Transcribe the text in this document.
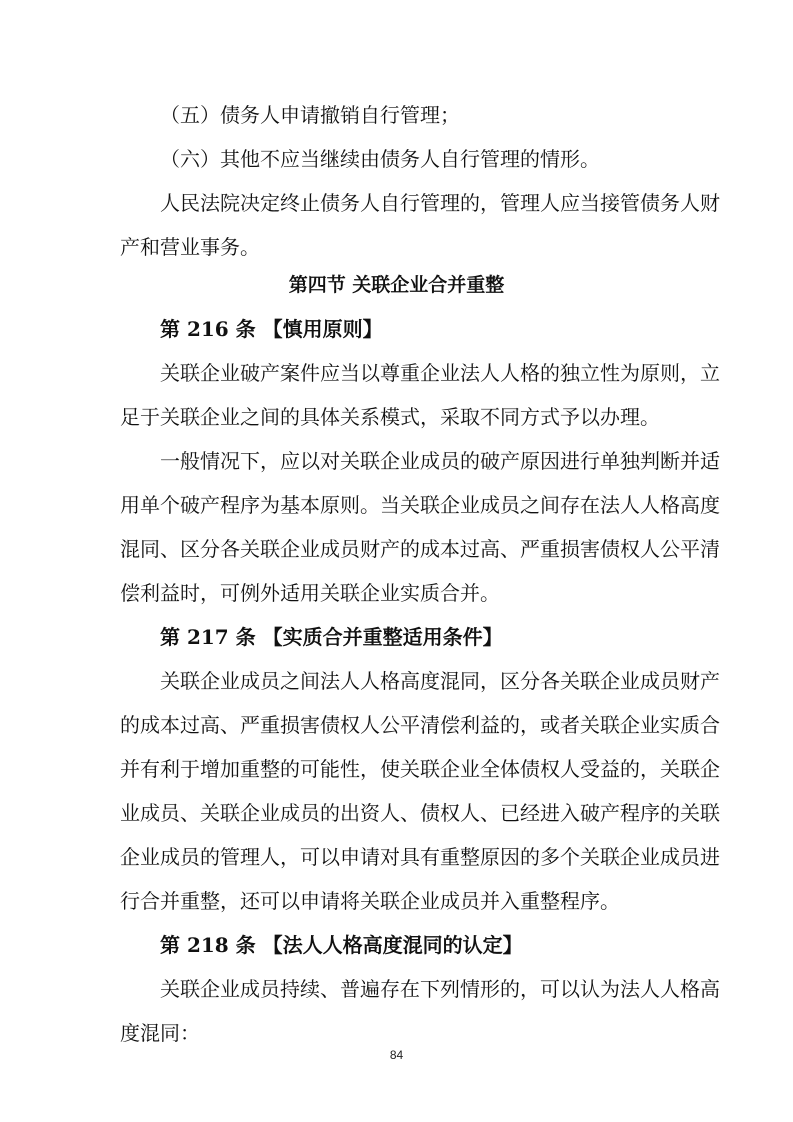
（五）债务人申请撤销自行管理；
（六）其他不应当继续由债务人自行管理的情形。
人民法院决定终止债务人自行管理的，管理人应当接管债务人财
产和营业事务。
第四节 关联企业合并重整
第 216 条 【慎用原则】
关联企业破产案件应当以尊重企业法人人格的独立性为原则，立
足于关联企业之间的具体关系模式，采取不同方式予以办理。
一般情况下，应以对关联企业成员的破产原因进行单独判断并适
用单个破产程序为基本原则。当关联企业成员之间存在法人人格高度
混同、区分各关联企业成员财产的成本过高、严重损害债权人公平清
偿利益时，可例外适用关联企业实质合并。
第 217 条 【实质合并重整适用条件】
关联企业成员之间法人人格高度混同，区分各关联企业成员财产
的成本过高、严重损害债权人公平清偿利益的，或者关联企业实质合
并有利于增加重整的可能性，使关联企业全体债权人受益的，关联企
业成员、关联企业成员的出资人、债权人、已经进入破产程序的关联
企业成员的管理人，可以申请对具有重整原因的多个关联企业成员进
行合并重整，还可以申请将关联企业成员并入重整程序。
第 218 条 【法人人格高度混同的认定】
关联企业成员持续、普遍存在下列情形的，可以认为法人人格高
度混同：
84
